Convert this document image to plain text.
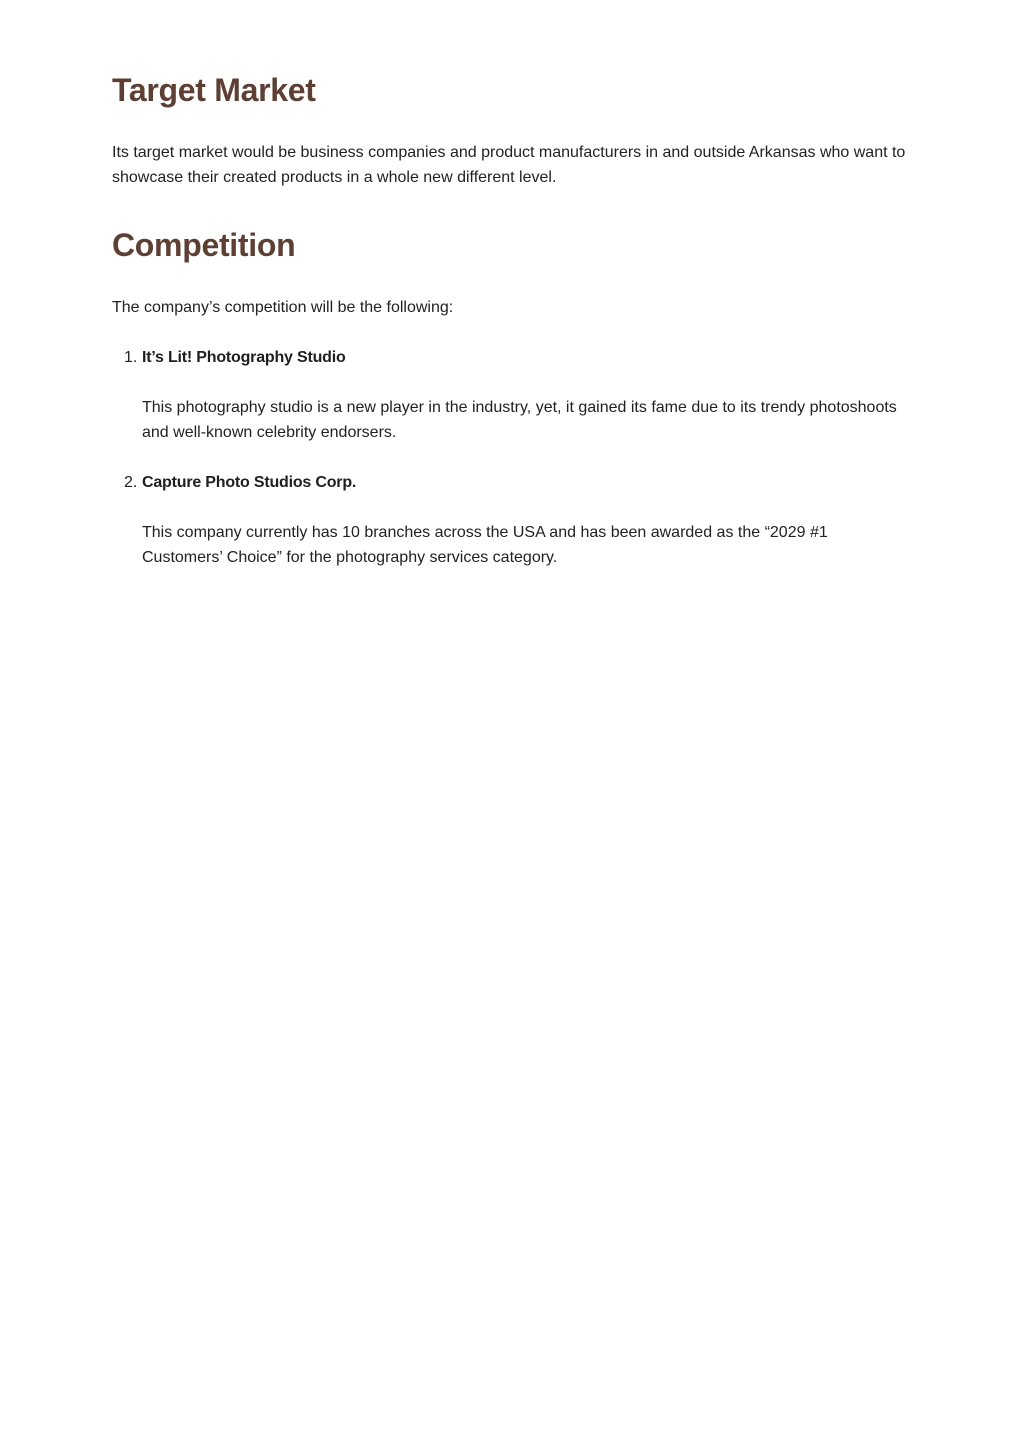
Target Market

Its target market would be business companies and product manufacturers in and outside Arkansas who want to showcase their created products in a whole new different level.

Competition

The company’s competition will be the following:

1. It’s Lit! Photography Studio

This photography studio is a new player in the industry, yet, it gained its fame due to its trendy photoshoots and well-known celebrity endorsers.

2. Capture Photo Studios Corp.

This company currently has 10 branches across the USA and has been awarded as the “2029 #1 Customers’ Choice” for the photography services category.
